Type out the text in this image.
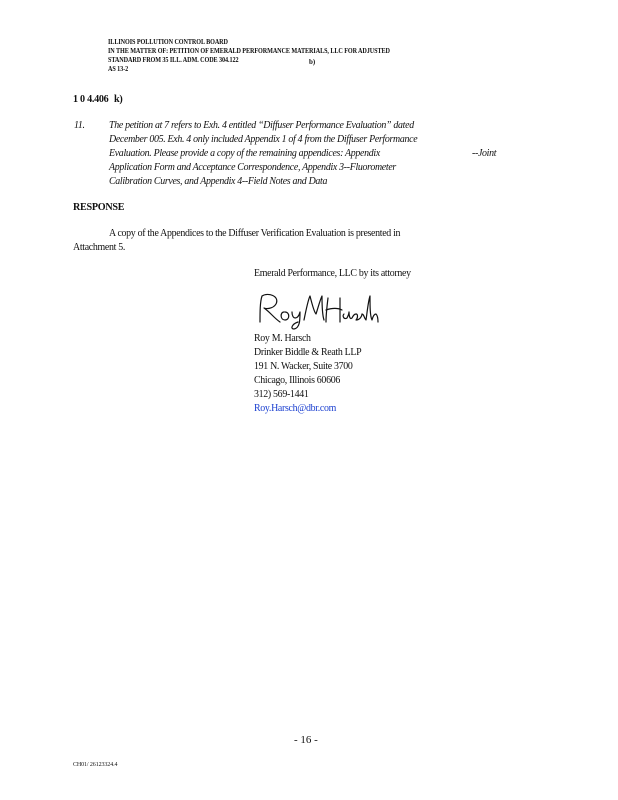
ILLINOIS POLLUTION CONTROL BOARD
IN THE MATTER OF: PETITION OF EMERALD PERFORMANCE MATERIALS, LLC FOR ADJUSTED
STANDARD FROM 35 ILL. ADM. CODE 304.122	b)
AS 13-2
1 0 4.406 k)
11. The petition at 7 refers to Exh. 4 entitled “Diffuser Performance Evaluation” dated
December 005. Exh. 4 only included Appendix 1 of 4 from the Diffuser Performance
Evaluation. Please provide a copy of the remaining appendices: Appendix	--Joint
Application Form and Acceptance Correspondence, Appendix 3--Fluorometer
Calibration Curves, and Appendix 4--Field Notes and Data
RESPONSE
A copy of the Appendices to the Diffuser Verification Evaluation is presented in
Attachment 5.
Emerald Performance, LLC by its attorney
Roy M. Harsch
Drinker Biddle & Reath LLP
191 N. Wacker, Suite 3700
Chicago, Illinois 60606
312) 569-1441
Roy.Harsch@dbr.com
- 16 -
CH01/ 26123324.4
